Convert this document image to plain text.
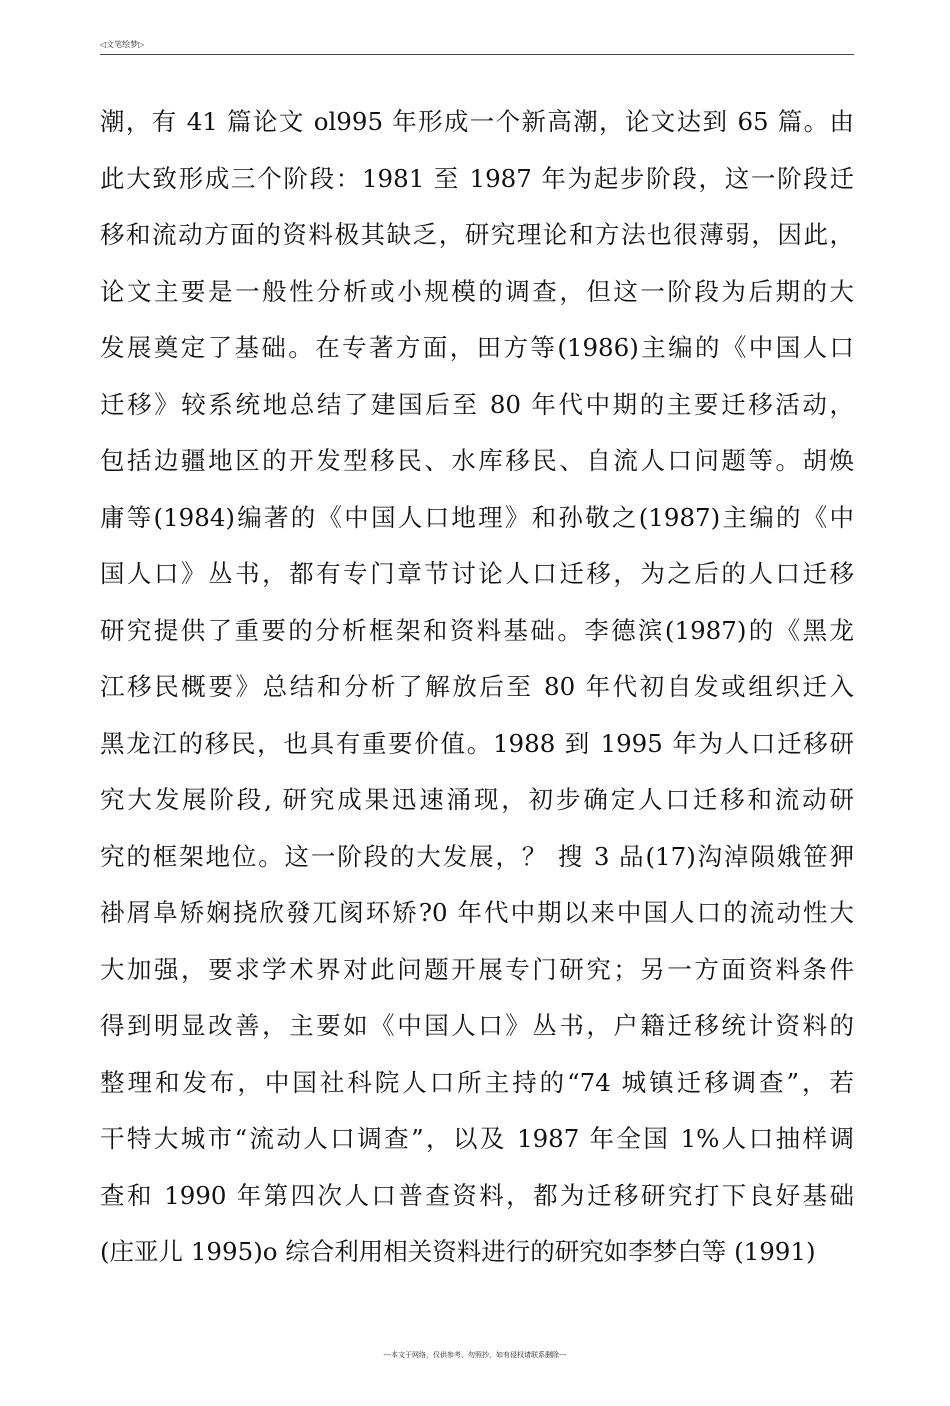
◁文笔绘梦▷
潮，有 41 篇论文 ol995 年形成一个新高潮，论文达到 65 篇。由
此大致形成三个阶段：1981 至 1987 年为起步阶段，这一阶段迁
移和流动方面的资料极其缺乏，研究理论和方法也很薄弱，因此，
论文主要是一般性分析或小规模的调查，但这一阶段为后期的大
发展奠定了基础。在专著方面，田方等(1986)主编的《中国人口
迁移》较系统地总结了建国后至 80 年代中期的主要迁移活动，
包括边疆地区的开发型移民、水库移民、自流人口问题等。胡焕
庸等(1984)编著的《中国人口地理》和孙敬之(1987)主编的《中
国人口》丛书，都有专门章节讨论人口迁移，为之后的人口迁移
研究提供了重要的分析框架和资料基础。李德滨(1987)的《黑龙
江移民概要》总结和分析了解放后至 80 年代初自发或组织迁入
黑龙江的移民，也具有重要价值。1988 到 1995 年为人口迁移研
究大发展阶段, 研究成果迅速涌现，初步确定人口迁移和流动研
究的框架地位。这一阶段的大发展，？ 搜 3 品(17)沟淖陨娥笹狎
褂屑阜矫娴挠欣發兀阂环矫?0 年代中期以来中国人口的流动性大
大加强，要求学术界对此问题开展专门研究；另一方面资料条件
得到明显改善，主要如《中国人口》丛书，户籍迁移统计资料的
整理和发布，中国社科院人口所主持的“74 城镇迁移调查”，若
干特大城市“流动人口调查”，以及 1987 年全国 1%人口抽样调
查和 1990 年第四次人口普查资料，都为迁移研究打下良好基础
(庄亚儿 1995)o 综合利用相关资料进行的研究如李梦白等 (1991)
---本文于网络，仅供参考，勿照抄，如有侵权请联系删除---
